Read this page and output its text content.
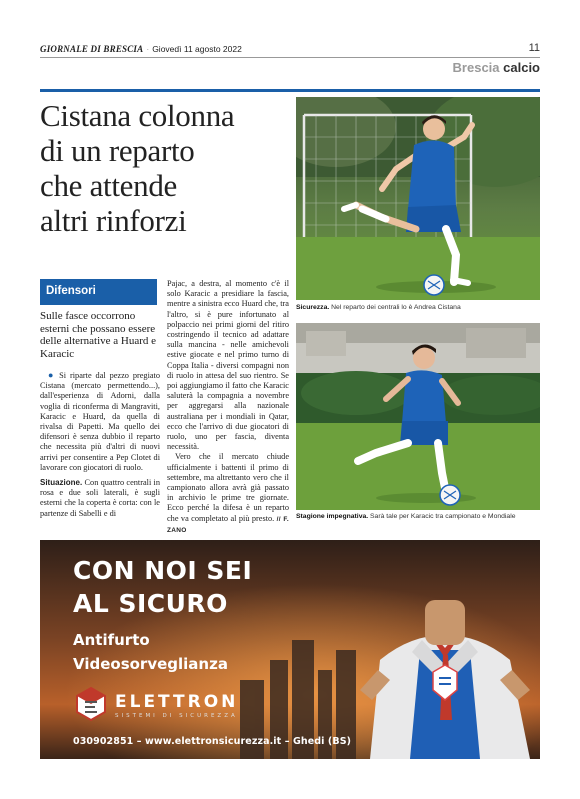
GIORNALE DI BRESCIA · Giovedì 11 agosto 2022	11
Brescia calcio
Cistana colonna
di un reparto
che attende
altri rinforzi
Difensori
Sulle fasce occorrono esterni che possano essere delle alternative a Huard e Karacic

● Si riparte dal pezzo pregiato Cistana (mercato permettendo...), dall'esperienza di Adorni, dalla voglia di riconferma di Mangraviti, Karacic e Huard, da quella di rivalsa di Papetti. Ma quello dei difensori è senza dubbio il reparto che necessita più d'altri di nuovi arrivi per consentire a Pep Clotet di lavorare con giocatori di ruolo.

Situazione. Con quattro centrali in rosa e due soli laterali, è sugli esterni che la coperta è corta: con le partenze di Sabelli e di

Pajac, a destra, al momento c'è il solo Karacic a presidiare la fascia, mentre a sinistra ecco Huard che, tra l'altro, si è pure infortunato al polpaccio nei primi giorni del ritiro costringendo il tecnico ad adattare sulla mancina - nelle amichevoli estive giocate e nel primo turno di Coppa Italia - diversi compagni non di ruolo in attesa del suo rientro. Se poi aggiungiamo il fatto che Karacic saluterà la compagnia a novembre per aggregarsi alla nazionale australiana per i mondiali in Qatar, ecco che l'arrivo di due giocatori di ruolo, uno per fascia, diventa necessità.

Vero che il mercato chiude ufficialmente i battenti il primo di settembre, ma altrettanto vero che il campionato allora avrà già passato in archivio le prime tre giornate. Ecco perché la difesa è un reparto che va completato al più presto. // F. ZANO

Sicurezza. Nel reparto dei centrali lo è Andrea Cistana
Stagione impegnativa. Sarà tale per Karacic tra campionato e Mondiale
CON NOI SEI
AL SICURO
Antifurto
Videosorveglianza
ELETTRON
SISTEMI DI SICUREZZA
030902851 – www.elettronsicurezza.it – Ghedi (BS)
